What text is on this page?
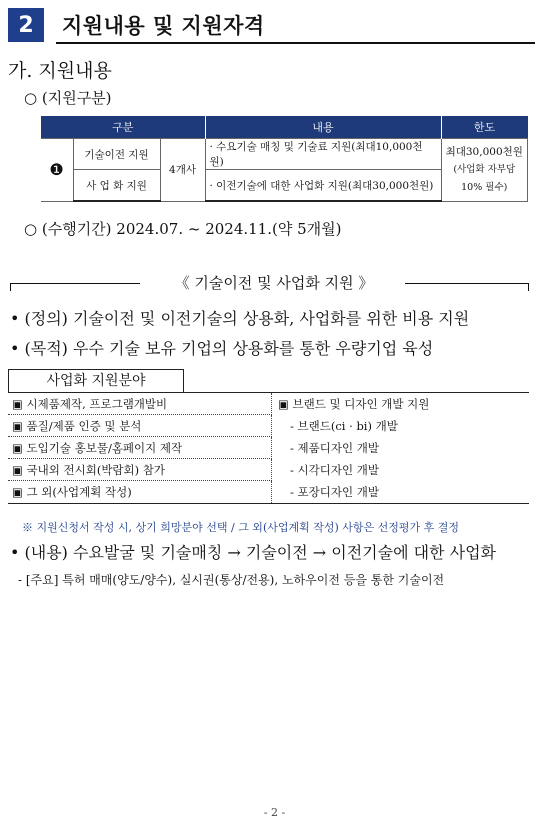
2	지원내용 및 지원자격
가. 지원내용
○ (지원구분)
구분			내용	한도
❶	기술이전 지원	4개사	· 수요기술 매칭 및 기술료 지원(최대10,000천원)	최대30,000천원
(사업화 자부담
10% 필수)

	사 업 화 지원		· 이전기술에 대한 사업화 지원(최대30,000천원)	
○ (수행기간) 2024.07. ~ 2024.11.(약 5개월)
《 기술이전 및 사업화 지원 》
• (정의) 기술이전 및 이전기술의 상용화, 사업화를 위한 비용 지원
• (목적) 우수 기술 보유 기업의 상용화를 통한 우량기업 육성
사업화 지원분야
▣ 시제품제작, 프로그램개발비	▣ 브랜드 및 디자인 개발 지원
▣ 품질/제품 인증 및 분석	- 브랜드(ci · bi) 개발
▣ 도입기술 홍보물/홈페이지 제작	- 제품디자인 개발
▣ 국내외 전시회(박람회) 참가	- 시각디자인 개발
▣ 그 외(사업계획 작성)	- 포장디자인 개발
※ 지원신청서 작성 시, 상기 희망분야 선택 / 그 외(사업계획 작성) 사항은 선정평가 후 결정
• (내용) 수요발굴 및 기술매칭 → 기술이전 → 이전기술에 대한 사업화
- [주요] 특허 매매(양도/양수), 실시권(통상/전용), 노하우이전 등을 통한 기술이전
- 2 -
